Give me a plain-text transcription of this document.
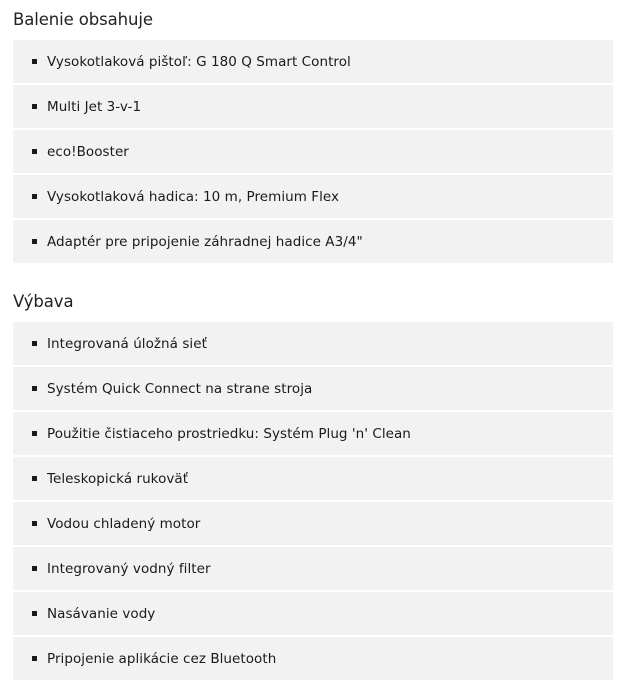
Balenie obsahuje
Vysokotlaková pištoľ: G 180 Q Smart Control
Multi Jet 3-v-1
eco!Booster
Vysokotlaková hadica: 10 m, Premium Flex
Adaptér pre pripojenie záhradnej hadice A3/4"
Výbava
Integrovaná úložná sieť
Systém Quick Connect na strane stroja
Použitie čistiaceho prostriedku: Systém Plug 'n' Clean
Teleskopická rukoväť
Vodou chladený motor
Integrovaný vodný filter
Nasávanie vody
Pripojenie aplikácie cez Bluetooth
